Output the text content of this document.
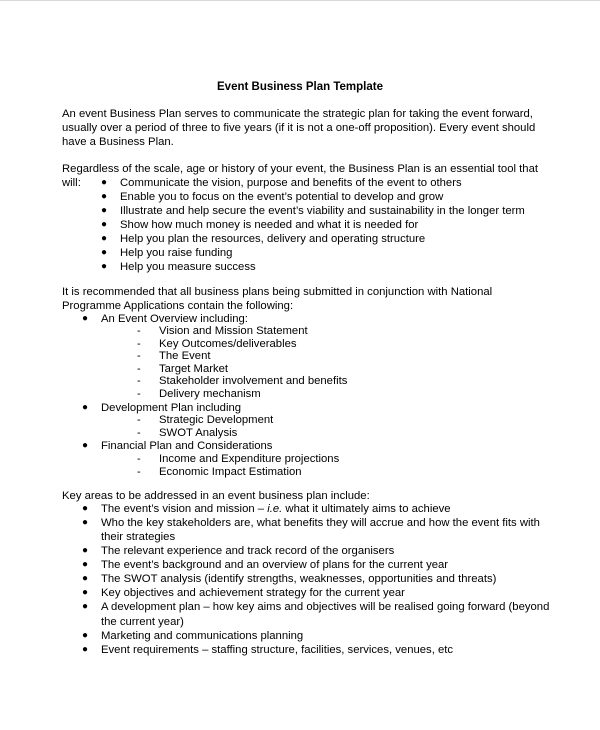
Event Business Plan Template

An event Business Plan serves to communicate the strategic plan for taking the event forward, usually over a period of three to five years (if it is not a one-off proposition). Every event should have a Business Plan.

Regardless of the scale, age or history of your event, the Business Plan is an essential tool that will:	●	Communicate the vision, purpose and benefits of the event to others
●	Enable you to focus on the event’s potential to develop and grow
●	Illustrate and help secure the event’s viability and sustainability in the longer term
●	Show how much money is needed and what it is needed for
●	Help you plan the resources, delivery and operating structure
●	Help you raise funding
●	Help you measure success

It is recommended that all business plans being submitted in conjunction with National Programme Applications contain the following:

●	An Event Overview including:
-	Vision and Mission Statement
-	Key Outcomes/deliverables
-	The Event
-	Target Market
-	Stakeholder involvement and benefits
-	Delivery mechanism
●	Development Plan including
-	Strategic Development
-	SWOT Analysis
●	Financial Plan and Considerations
-	Income and Expenditure projections
-	Economic Impact Estimation

Key areas to be addressed in an event business plan include:

●	The event’s vision and mission – i.e. what it ultimately aims to achieve
●	Who the key stakeholders are, what benefits they will accrue and how the event fits with their strategies
●	The relevant experience and track record of the organisers
●	The event’s background and an overview of plans for the current year
●	The SWOT analysis (identify strengths, weaknesses, opportunities and threats)
●	Key objectives and achievement strategy for the current year
●	A development plan – how key aims and objectives will be realised going forward (beyond the current year)
●	Marketing and communications planning
●	Event requirements – staffing structure, facilities, services, venues, etc
